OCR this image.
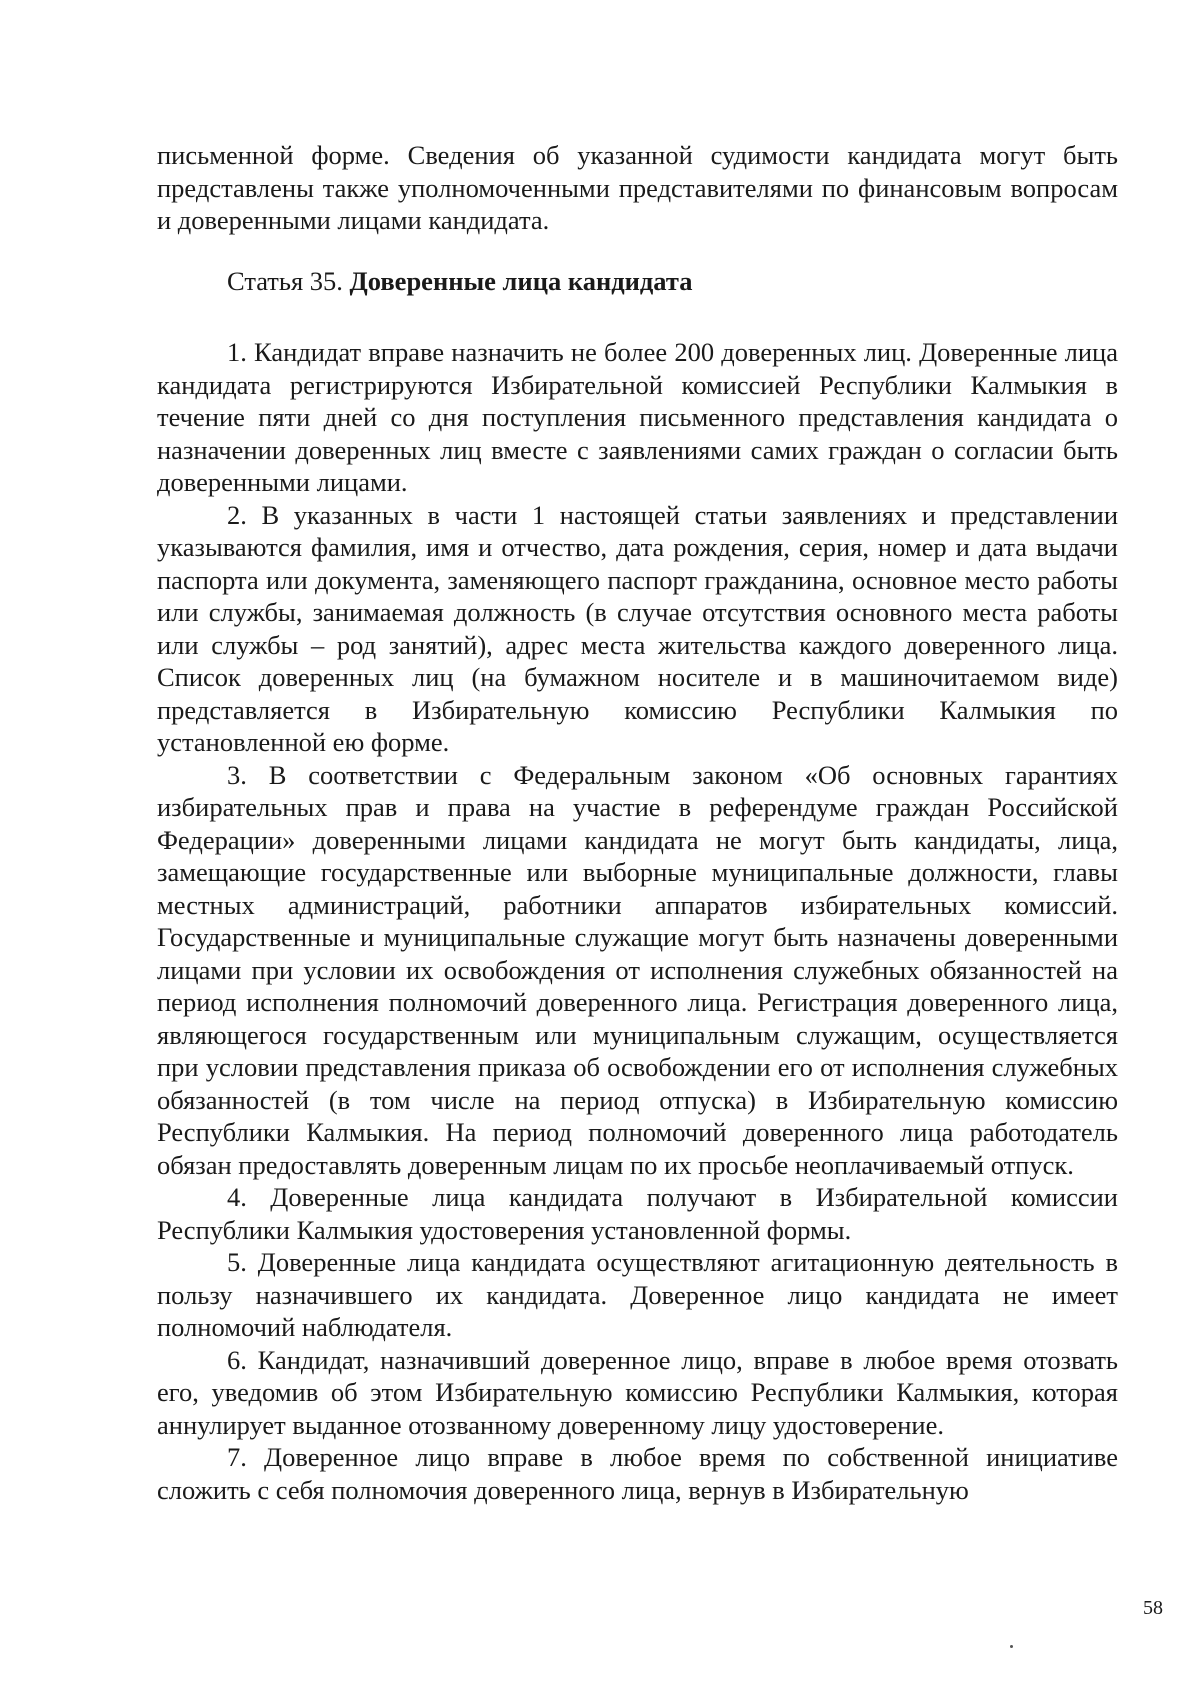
письменной форме. Сведения об указанной судимости кандидата могут быть представлены также уполномоченными представителями по финансовым вопросам и доверенными лицами кандидата.

Статья 35. Доверенные лица кандидата

1. Кандидат вправе назначить не более 200 доверенных лиц. Доверенные лица кандидата регистрируются Избирательной комиссией Республики Калмыкия в течение пяти дней со дня поступления письменного представления кандидата о назначении доверенных лиц вместе с заявлениями самих граждан о согласии быть доверенными лицами.

2. В указанных в части 1 настоящей статьи заявлениях и представлении указываются фамилия, имя и отчество, дата рождения, серия, номер и дата выдачи паспорта или документа, заменяющего паспорт гражданина, основное место работы или службы, занимаемая должность (в случае отсутствия основного места работы или службы – род занятий), адрес места жительства каждого доверенного лица. Список доверенных лиц (на бумажном носителе и в машиночитаемом виде) представляется в Избирательную комиссию Республики Калмыкия по установленной ею форме.

3. В соответствии с Федеральным законом «Об основных гарантиях избирательных прав и права на участие в референдуме граждан Российской Федерации» доверенными лицами кандидата не могут быть кандидаты, лица, замещающие государственные или выборные муниципальные должности, главы местных администраций, работники аппаратов избирательных комиссий. Государственные и муниципальные служащие могут быть назначены доверенными лицами при условии их освобождения от исполнения служебных обязанностей на период исполнения полномочий доверенного лица. Регистрация доверенного лица, являющегося государственным или муниципальным служащим, осуществляется при условии представления приказа об освобождении его от исполнения служебных обязанностей (в том числе на период отпуска) в Избирательную комиссию Республики Калмыкия. На период полномочий доверенного лица работодатель обязан предоставлять доверенным лицам по их просьбе неоплачиваемый отпуск.

4. Доверенные лица кандидата получают в Избирательной комиссии Республики Калмыкия удостоверения установленной формы.

5. Доверенные лица кандидата осуществляют агитационную деятельность в пользу назначившего их кандидата. Доверенное лицо кандидата не имеет полномочий наблюдателя.

6. Кандидат, назначивший доверенное лицо, вправе в любое время отозвать его, уведомив об этом Избирательную комиссию Республики Калмыкия, которая аннулирует выданное отозванному доверенному лицу удостоверение.

7. Доверенное лицо вправе в любое время по собственной инициативе сложить с себя полномочия доверенного лица, вернув в Избирательную

58
